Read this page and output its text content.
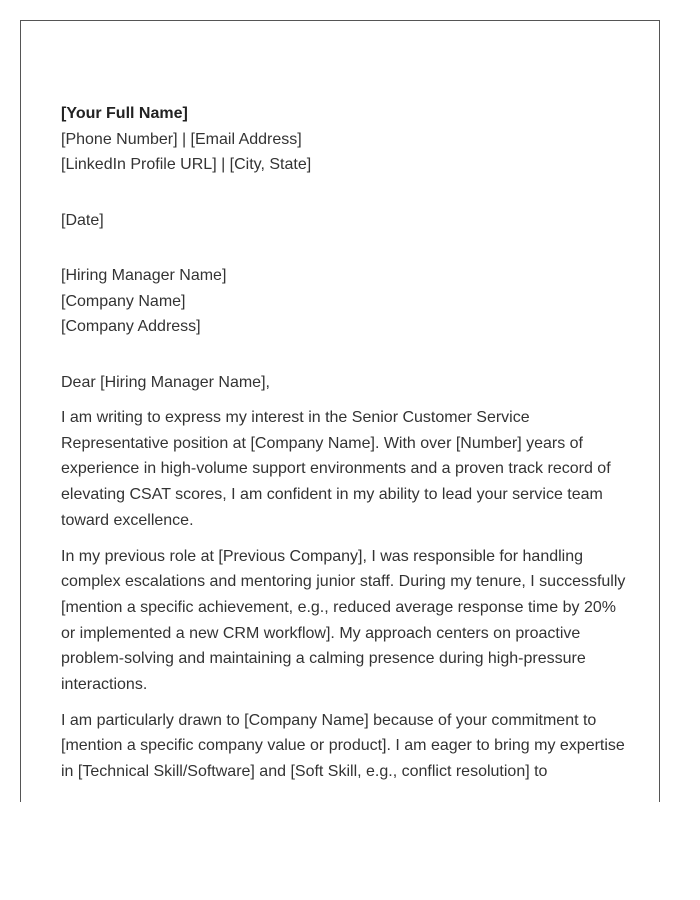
[Your Full Name]
[Phone Number] | [Email Address]
[LinkedIn Profile URL] | [City, State]
[Date]
[Hiring Manager Name]
[Company Name]
[Company Address]
Dear [Hiring Manager Name],

I am writing to express my interest in the Senior Customer Service Representative position at [Company Name]. With over [Number] years of experience in high-volume support environments and a proven track record of elevating CSAT scores, I am confident in my ability to lead your service team toward excellence.

In my previous role at [Previous Company], I was responsible for handling complex escalations and mentoring junior staff. During my tenure, I successfully [mention a specific achievement, e.g., reduced average response time by 20% or implemented a new CRM workflow]. My approach centers on proactive problem-solving and maintaining a calming presence during high-pressure interactions.

I am particularly drawn to [Company Name] because of your commitment to [mention a specific company value or product]. I am eager to bring my expertise in [Technical Skill/Software] and [Soft Skill, e.g., conflict resolution] to
